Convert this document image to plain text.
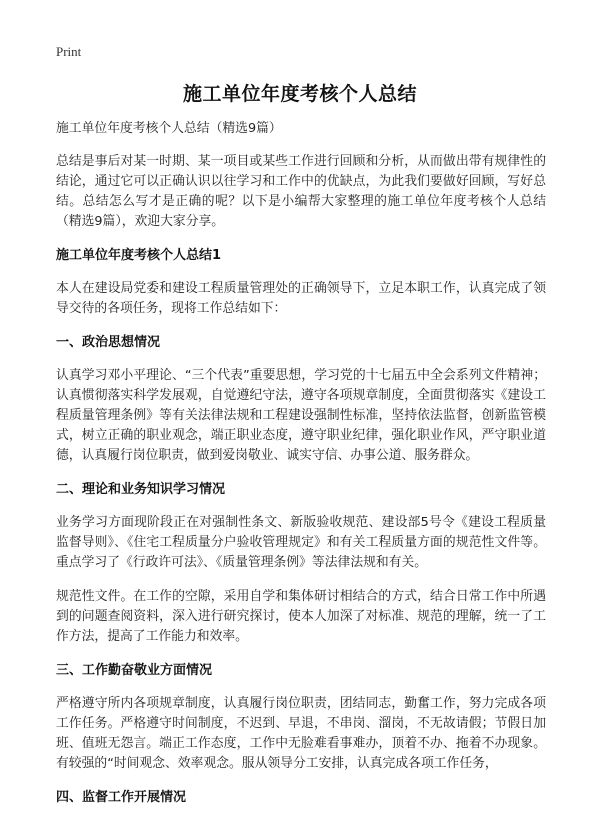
Print
施工单位年度考核个人总结

施工单位年度考核个人总结（精选9篇）

总结是事后对某一时期、某一项目或某些工作进行回顾和分析，从而做出带有规律性的结论，通过它可以正确认识以往学习和工作中的优缺点，为此我们要做好回顾，写好总结。总结怎么写才是正确的呢？以下是小编帮大家整理的施工单位年度考核个人总结（精选9篇），欢迎大家分享。

施工单位年度考核个人总结1

本人在建设局党委和建设工程质量管理处的正确领导下，立足本职工作，认真完成了领导交待的各项任务，现将工作总结如下：

一、政治思想情况

认真学习邓小平理论、“三个代表”重要思想，学习党的十七届五中全会系列文件精神；认真惯彻落实科学发展观，自觉遵纪守法，遵守各项规章制度，全面贯彻落实《建设工程质量管理条例》等有关法律法规和工程建设强制性标准，坚持依法监督，创新监管模式，树立正确的职业观念，端正职业态度，遵守职业纪律，强化职业作风，严守职业道德，认真履行岗位职责，做到爱岗敬业、诚实守信、办事公道、服务群众。

二、理论和业务知识学习情况

业务学习方面现阶段正在对强制性条文、新版验收规范、建设部5号令《建设工程质量监督导则》、《住宅工程质量分户验收管理规定》和有关工程质量方面的规范性文件等。重点学习了《行政许可法》、《质量管理条例》等法律法规和有关。

规范性文件。在工作的空隙，采用自学和集体研讨相结合的方式，结合日常工作中所遇到的问题查阅资料，深入进行研究探讨，使本人加深了对标准、规范的理解，统一了工作方法，提高了工作能力和效率。

三、工作勤奋敬业方面情况

严格遵守所内各项规章制度，认真履行岗位职责，团结同志，勤奮工作，努力完成各项工作任务。严格遵守时间制度，不迟到、早退，不串岗、溜岗，不无故请假；节假日加班、值班无怨言。端正工作态度，工作中无脸难看事难办，顶着不办、拖着不办现象。有较强的“时间观念、效率观念。服从领导分工安排，认真完成各项工作任务，

四、监督工作开展情况
